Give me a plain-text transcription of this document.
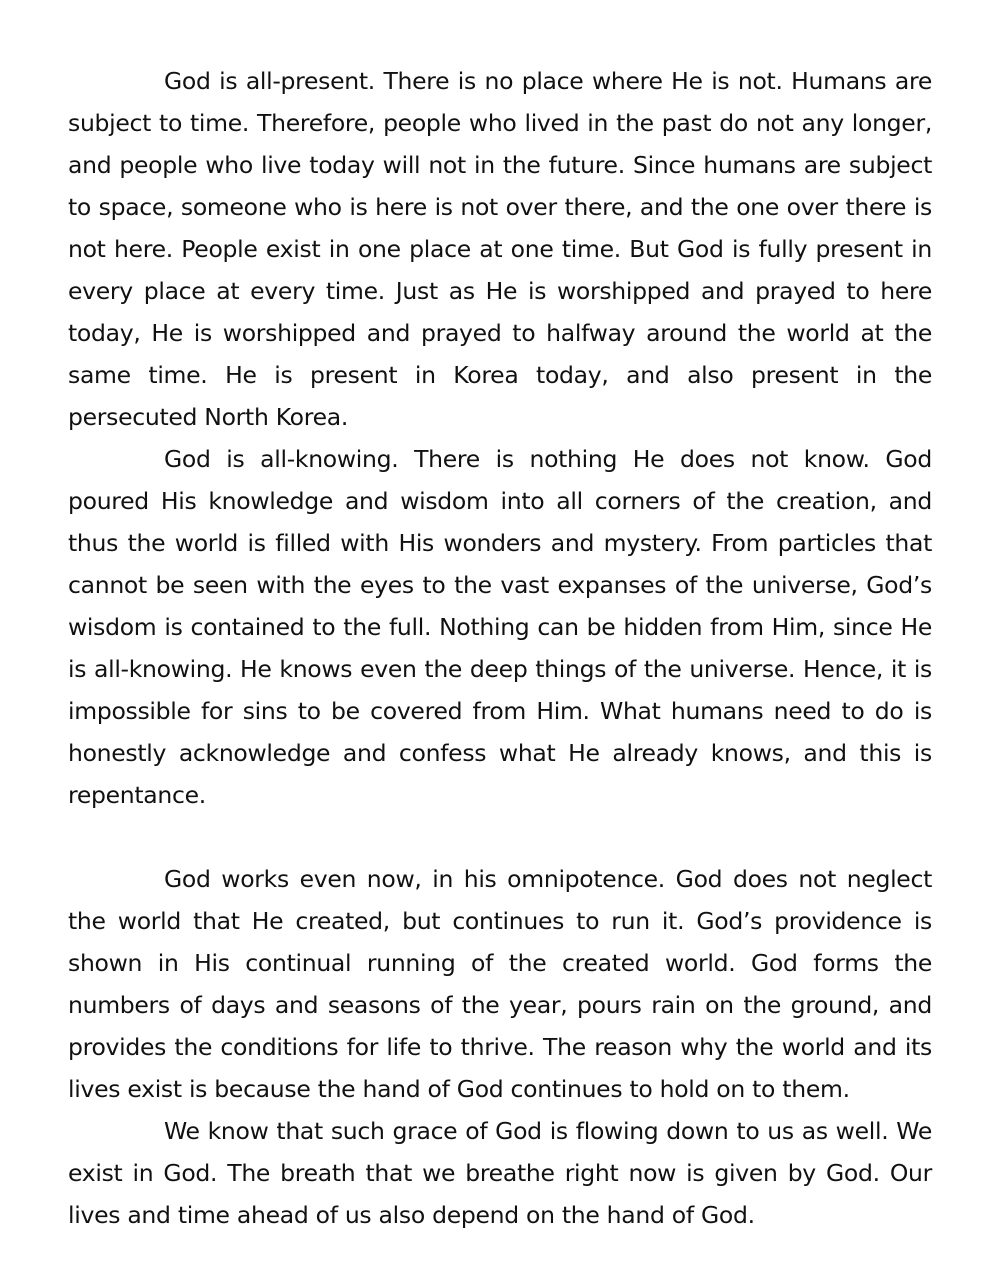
God is all-present. There is no place where He is not. Humans are subject to time. Therefore, people who lived in the past do not any longer, and people who live today will not in the future. Since humans are subject to space, someone who is here is not over there, and the one over there is not here. People exist in one place at one time. But God is fully present in every place at every time. Just as He is worshipped and prayed to here today, He is worshipped and prayed to halfway around the world at the same time. He is present in Korea today, and also present in the persecuted North Korea.

God is all-knowing. There is nothing He does not know. God poured His knowledge and wisdom into all corners of the creation, and thus the world is filled with His wonders and mystery. From particles that cannot be seen with the eyes to the vast expanses of the universe, God’s wisdom is contained to the full. Nothing can be hidden from Him, since He is all-knowing. He knows even the deep things of the universe. Hence, it is impossible for sins to be covered from Him. What humans need to do is honestly acknowledge and confess what He already knows, and this is repentance.

God works even now, in his omnipotence. God does not neglect the world that He created, but continues to run it. God’s providence is shown in His continual running of the created world. God forms the numbers of days and seasons of the year, pours rain on the ground, and provides the conditions for life to thrive. The reason why the world and its lives exist is because the hand of God continues to hold on to them.

We know that such grace of God is flowing down to us as well. We exist in God. The breath that we breathe right now is given by God. Our lives and time ahead of us also depend on the hand of God.
